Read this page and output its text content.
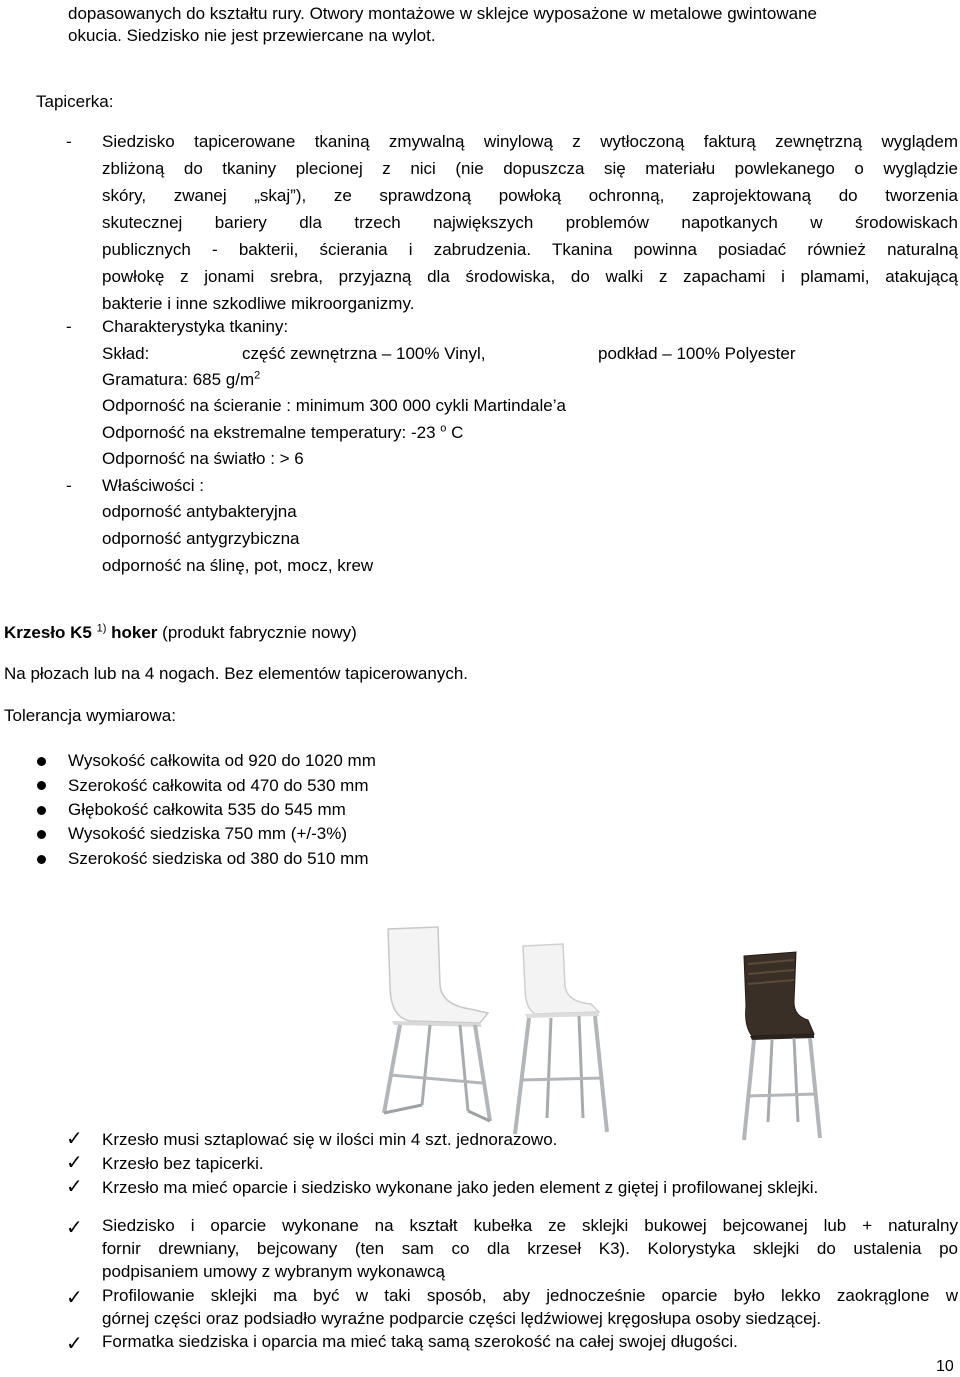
dopasowanych do kształtu rury. Otwory montażowe w sklejce wyposażone w metalowe gwintowane
okucia. Siedzisko nie jest przewiercane na wylot.
Tapicerka:
- Siedzisko tapicerowane tkaniną zmywalną winylową z wytłoczoną fakturą zewnętrzną wyglądem
zbliżoną do tkaniny plecionej z nici (nie dopuszcza się materiału powlekanego o wyglądzie
skóry, zwanej „skaj”), ze sprawdzoną powłoką ochronną, zaprojektowaną do tworzenia
skutecznej bariery dla trzech największych problemów napotkanych w środowiskach
publicznych - bakterii, ścierania i zabrudzenia. Tkanina powinna posiadać również naturalną
powłokę z jonami srebra, przyjazną dla środowiska, do walki z zapachami i plamami, atakującą
bakterie i inne szkodliwe mikroorganizmy.
- Charakterystyka tkaniny:
Skład:	część zewnętrzna – 100% Vinyl,	podkład – 100% Polyester
Gramatura: 685 $g/m^2$
Odporność na ścieranie : minimum 300 000 cykli Martindale’a
Odporność na ekstremalne temperatury: -23 $^o$ C
Odporność na światło : > 6
- Właściwości :
odporność antybakteryjna
odporność antygrzybiczna
odporność na ślinę, pot, mocz, krew
Krzesło K5 $^{1)}$ hoker (produkt fabrycznie nowy)
Na płozach lub na 4 nogach. Bez elementów tapicerowanych.
Tolerancja wymiarowa:
Wysokość całkowita od 920 do 1020 mm
Szerokość całkowita od 470 do 530 mm
Głębokość całkowita 535 do 545 mm
Wysokość siedziska 750 mm (+/-3%)
Szerokość siedziska od 380 do 510 mm
✓ Krzesło musi sztaplować się w ilości min 4 szt. jednorazowo.
✓ Krzesło bez tapicerki.
✓ Krzesło ma mieć oparcie i siedzisko wykonane jako jeden element z giętej i profilowanej sklejki.
✓ Siedzisko i oparcie wykonane na kształt kubełka ze sklejki bukowej bejcowanej lub + naturalny
fornir drewniany, bejcowany (ten sam co dla krzeseł K3). Kolorystyka sklejki do ustalenia po
podpisaniem umowy z wybranym wykonawcą
✓ Profilowanie sklejki ma być w taki sposób, aby jednocześnie oparcie było lekko zaokrąglone w
górnej części oraz podsiadło wyraźne podparcie części lędźwiowej kręgosłupa osoby siedzącej.
✓ Formatka siedziska i oparcia ma mieć taką samą szerokość na całej swojej długości.
10
